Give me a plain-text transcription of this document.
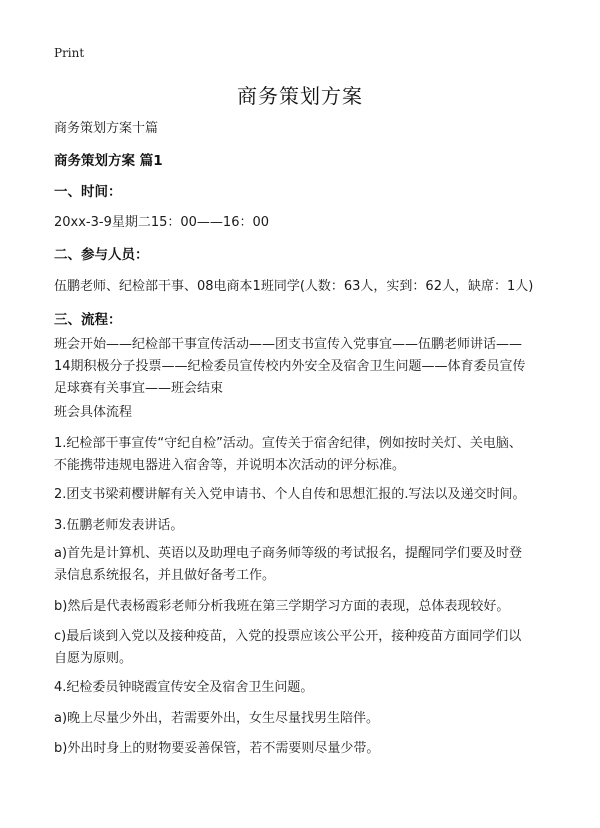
Print
商务策划方案
商务策划方案十篇
商务策划方案 篇1
一、时间：
20xx-3-9星期二15：00——16：00
二、参与人员：
伍鹏老师、纪检部干事、08电商本1班同学(人数：63人，实到：62人，缺席：1人)
三、流程：
班会开始——纪检部干事宣传活动——团支书宣传入党事宜——伍鹏老师讲话——
14期积极分子投票——纪检委员宣传校内外安全及宿舍卫生问题——体育委员宣传
足球赛有关事宜——班会结束
班会具体流程
1.纪检部干事宣传“守纪自检”活动。宣传关于宿舍纪律，例如按时关灯、关电脑、
不能携带违规电器进入宿舍等，并说明本次活动的评分标准。
2.团支书梁莉樱讲解有关入党申请书、个人自传和思想汇报的.写法以及递交时间。
3.伍鹏老师发表讲话。
a)首先是计算机、英语以及助理电子商务师等级的考试报名，提醒同学们要及时登
录信息系统报名，并且做好备考工作。
b)然后是代表杨霞彩老师分析我班在第三学期学习方面的表现，总体表现较好。
c)最后谈到入党以及接种疫苗，入党的投票应该公平公开，接种疫苗方面同学们以
自愿为原则。
4.纪检委员钟晓霞宣传安全及宿舍卫生问题。
a)晚上尽量少外出，若需要外出，女生尽量找男生陪伴。
b)外出时身上的财物要妥善保管，若不需要则尽量少带。
